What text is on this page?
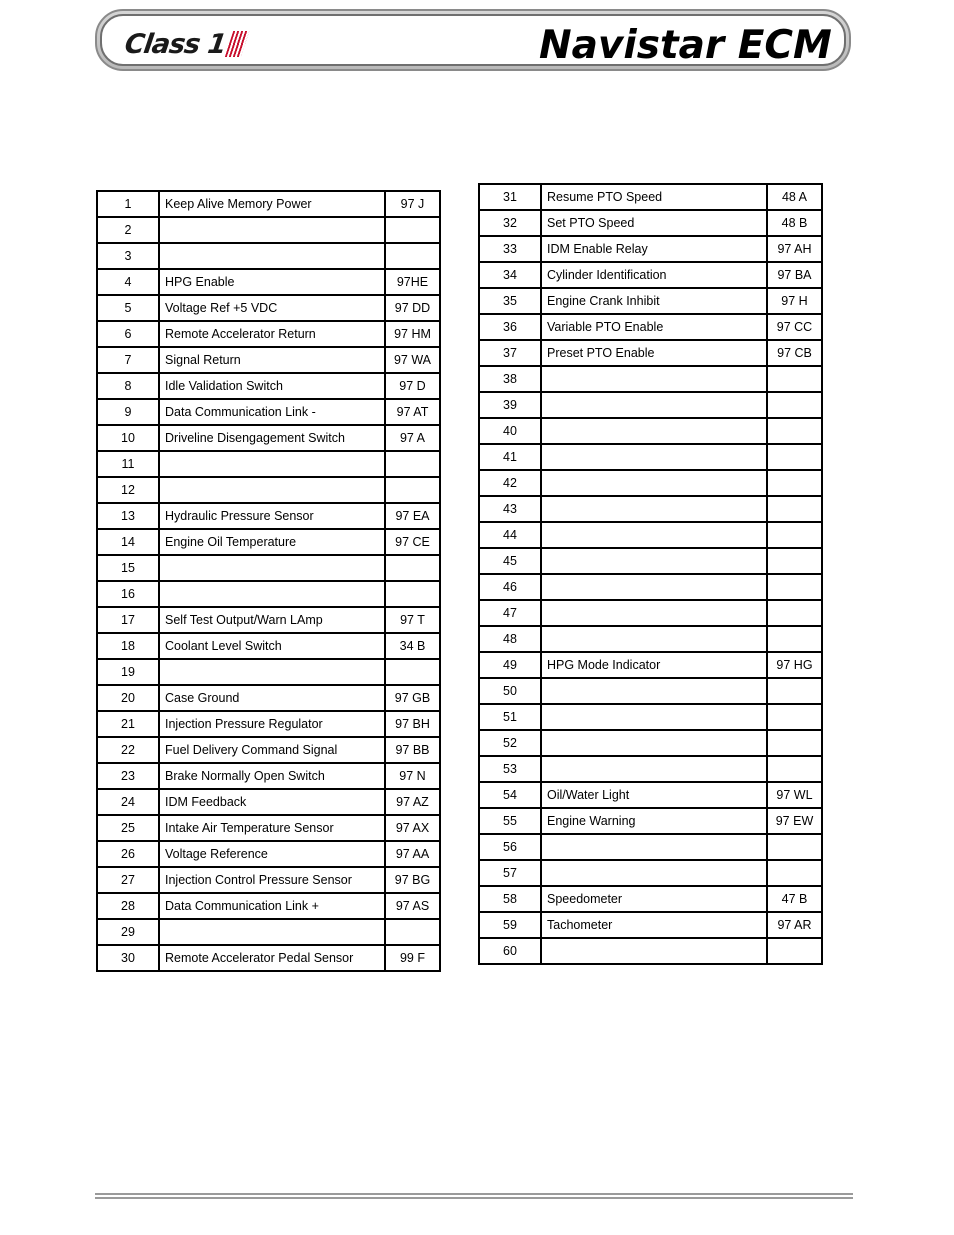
Class 1	Navistar ECM
1	Keep Alive Memory Power	97 J
2		
3		
4	HPG Enable	97HE
5	Voltage Ref +5 VDC	97 DD
6	Remote Accelerator Return	97 HM
7	Signal Return	97 WA
8	Idle Validation Switch	97 D
9	Data Communication Link -	97 AT
10	Driveline Disengagement Switch	97 A
11		
12		
13	Hydraulic Pressure Sensor	97 EA
14	Engine Oil Temperature	97 CE
15		
16		
17	Self Test Output/Warn LAmp	97 T
18	Coolant Level Switch	34 B
19		
20	Case Ground	97 GB
21	Injection Pressure Regulator	97 BH
22	Fuel Delivery Command Signal	97 BB
23	Brake Normally Open Switch	97 N
24	IDM Feedback	97 AZ
25	Intake Air Temperature Sensor	97 AX
26	Voltage Reference	97 AA
27	Injection Control Pressure Sensor	97 BG
28	Data Communication Link +	97 AS
29		
30	Remote Accelerator Pedal Sensor	99 F
31	Resume PTO Speed	48 A
32	Set PTO Speed	48 B
33	IDM Enable Relay	97 AH
34	Cylinder Identification	97 BA
35	Engine Crank Inhibit	97 H
36	Variable PTO Enable	97 CC
37	Preset PTO Enable	97 CB
38		
39		
40		
41		
42		
43		
44		
45		
46		
47		
48		
49	HPG Mode Indicator	97 HG
50		
51		
52		
53		
54	Oil/Water Light	97 WL
55	Engine Warning	97 EW
56		
57		
58	Speedometer	47 B
59	Tachometer	97 AR
60		
